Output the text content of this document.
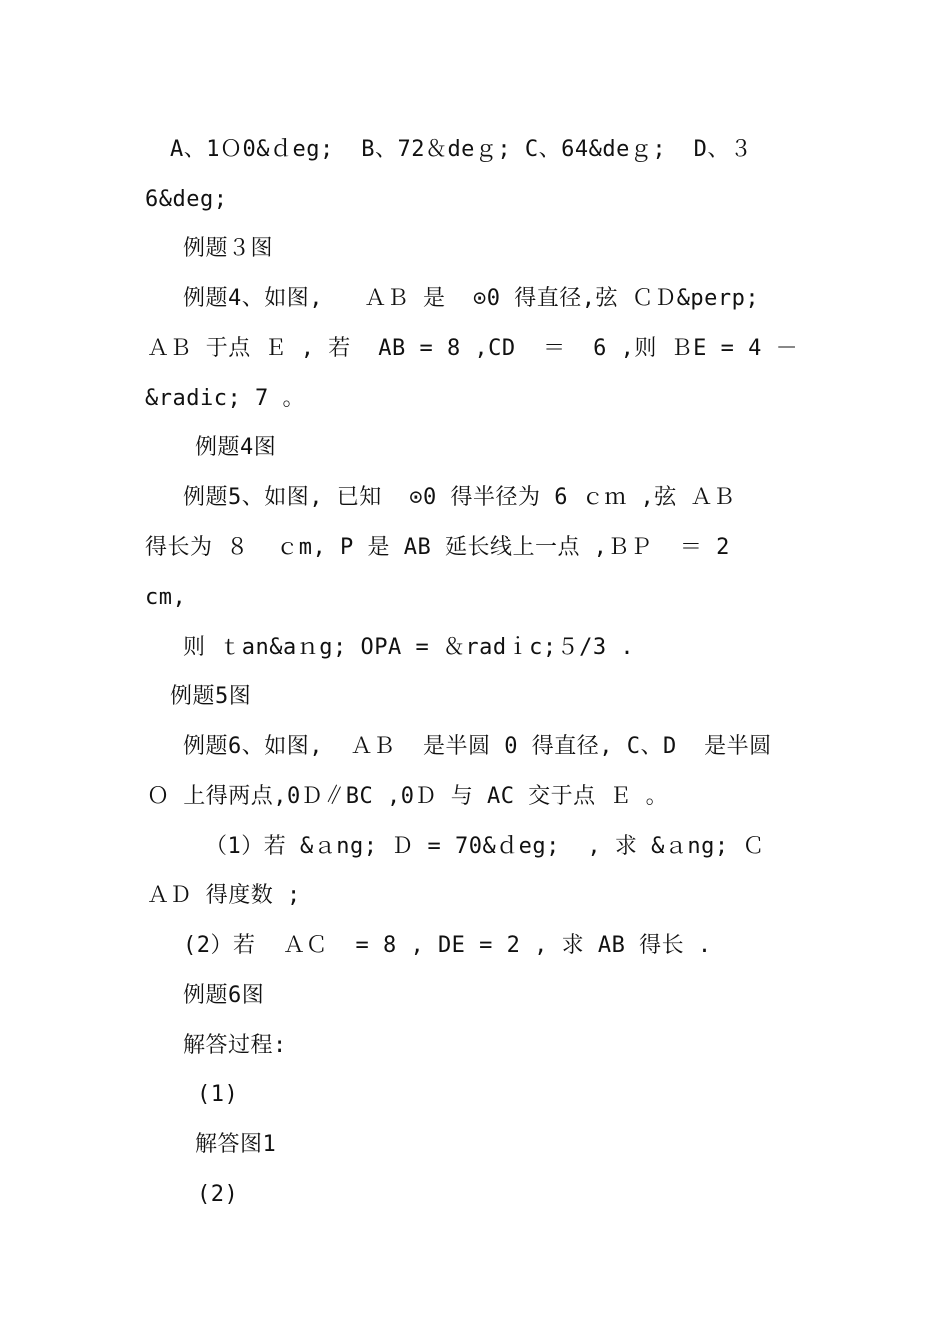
A、1Ｏ0&ｄeg;  B、72＆deｇ; C、64&deｇ;  D、３
6&deg;
例题３图
例题4、如图,   ＡＢ 是  ⊙0 得直径,弦 ＣＤ&perp;
ＡＢ 于点 Ｅ , 若  AB = 8 ,CD  ＝  6 ,则 ＢE = 4 －
&radic; 7 。
例题4图
例题5、如图, 已知  ⊙0 得半径为 6 ｃｍ ,弦 ＡＢ
得长为 ８  ｃm, P 是 AB 延长线上一点 ,ＢＰ  ＝ 2
cm,
则 ｔan&aｎg; OPA = ＆radｉc;５/3 .
例题5图
例题6、如图,  ＡＢ  是半圆 0 得直径, C、D  是半圆
Ｏ 上得两点,0Ｄ∥BC ,0Ｄ 与 AC 交于点 Ｅ 。
（1）若 &ａng; Ｄ = 70&ｄeg;  , 求 &ａng; Ｃ
ＡＤ 得度数 ;
(2）若  ＡＣ  = 8 , DE = 2 , 求 AB 得长 .
例题6图
解答过程:
(1)
解答图1
(2)
